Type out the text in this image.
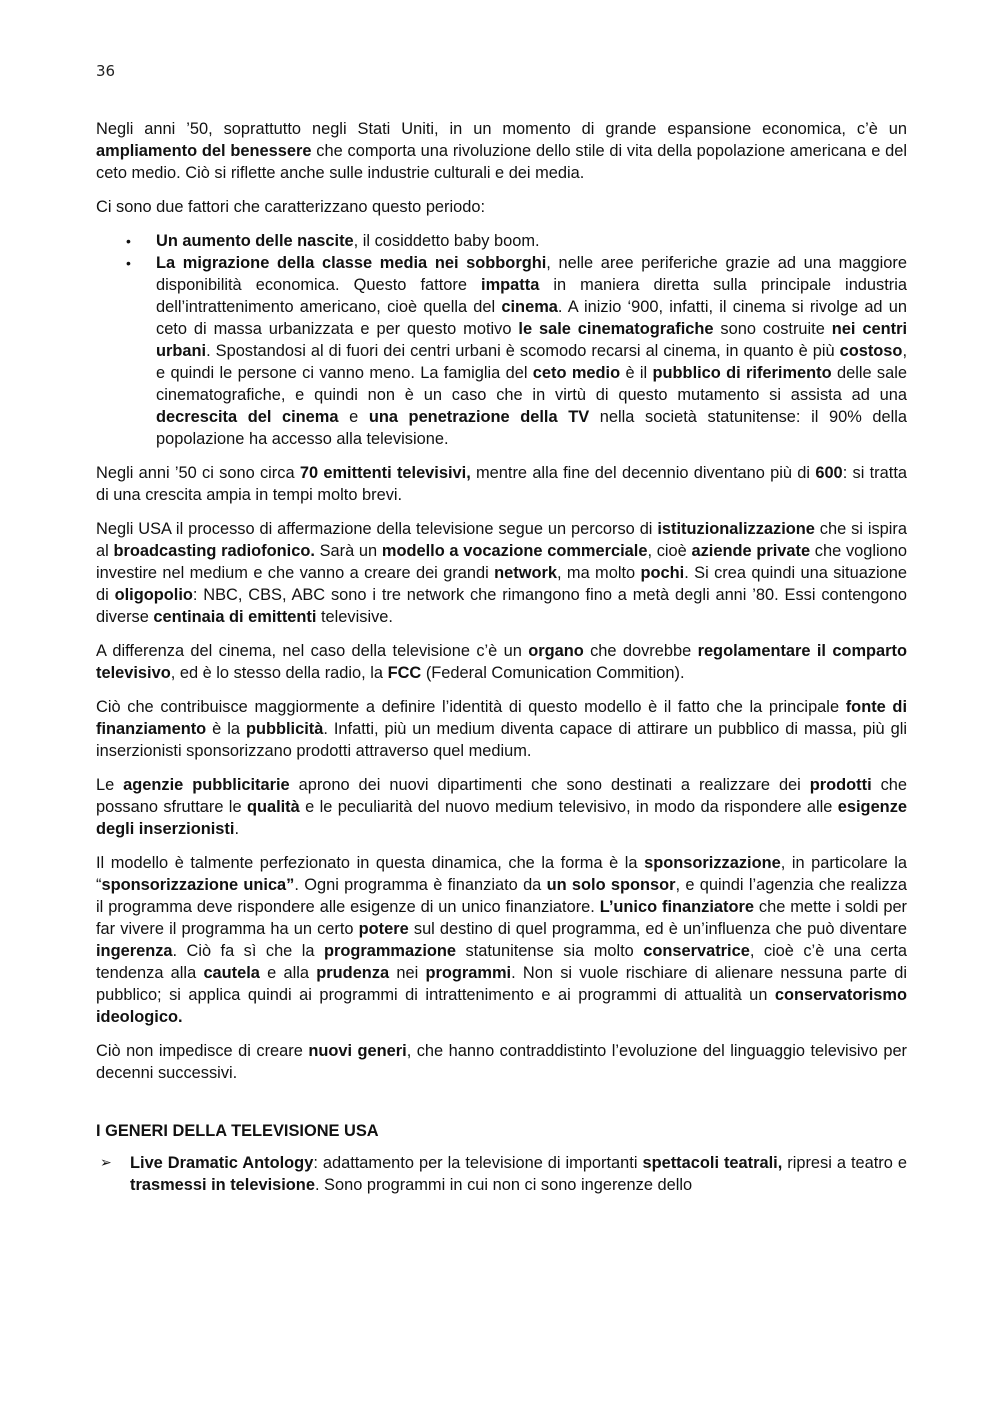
36

Negli anni ’50, soprattutto negli Stati Uniti, in un momento di grande espansione economica, c’è un ampliamento del benessere che comporta una rivoluzione dello stile di vita della popolazione americana e del ceto medio. Ciò si riflette anche sulle industrie culturali e dei media.

Ci sono due fattori che caratterizzano questo periodo:

• Un aumento delle nascite, il cosiddetto baby boom.
• La migrazione della classe media nei sobborghi, nelle aree periferiche grazie ad una maggiore disponibilità economica. Questo fattore impatta in maniera diretta sulla principale industria dell’intrattenimento americano, cioè quella del cinema. A inizio ‘900, infatti, il cinema si rivolge ad un ceto di massa urbanizzata e per questo motivo le sale cinematografiche sono costruite nei centri urbani. Spostandosi al di fuori dei centri urbani è scomodo recarsi al cinema, in quanto è più costoso, e quindi le persone ci vanno meno. La famiglia del ceto medio è il pubblico di riferimento delle sale cinematografiche, e quindi non è un caso che in virtù di questo mutamento si assista ad una decrescita del cinema e una penetrazione della TV nella società statunitense: il 90% della popolazione ha accesso alla televisione.

Negli anni ’50 ci sono circa 70 emittenti televisivi, mentre alla fine del decennio diventano più di 600: si tratta di una crescita ampia in tempi molto brevi.

Negli USA il processo di affermazione della televisione segue un percorso di istituzionalizzazione che si ispira al broadcasting radiofonico. Sarà un modello a vocazione commerciale, cioè aziende private che vogliono investire nel medium e che vanno a creare dei grandi network, ma molto pochi. Si crea quindi una situazione di oligopolio: NBC, CBS, ABC sono i tre network che rimangono fino a metà degli anni ’80. Essi contengono diverse centinaia di emittenti televisive.

A differenza del cinema, nel caso della televisione c’è un organo che dovrebbe regolamentare il comparto televisivo, ed è lo stesso della radio, la FCC (Federal Comunication Commition).

Ciò che contribuisce maggiormente a definire l’identità di questo modello è il fatto che la principale fonte di finanziamento è la pubblicità. Infatti, più un medium diventa capace di attirare un pubblico di massa, più gli inserzionisti sponsorizzano prodotti attraverso quel medium.

Le agenzie pubblicitarie aprono dei nuovi dipartimenti che sono destinati a realizzare dei prodotti che possano sfruttare le qualità e le peculiarità del nuovo medium televisivo, in modo da rispondere alle esigenze degli inserzionisti.

Il modello è talmente perfezionato in questa dinamica, che la forma è la sponsorizzazione, in particolare la “sponsorizzazione unica”. Ogni programma è finanziato da un solo sponsor, e quindi l’agenzia che realizza il programma deve rispondere alle esigenze di un unico finanziatore. L’unico finanziatore che mette i soldi per far vivere il programma ha un certo potere sul destino di quel programma, ed è un’influenza che può diventare ingerenza. Ciò fa sì che la programmazione statunitense sia molto conservatrice, cioè c’è una certa tendenza alla cautela e alla prudenza nei programmi. Non si vuole rischiare di alienare nessuna parte di pubblico; si applica quindi ai programmi di intrattenimento e ai programmi di attualità un conservatorismo ideologico.

Ciò non impedisce di creare nuovi generi, che hanno contraddistinto l’evoluzione del linguaggio televisivo per decenni successivi.

I GENERI DELLA TELEVISIONE USA
➢ Live Dramatic Antology: adattamento per la televisione di importanti spettacoli teatrali, ripresi a teatro e trasmessi in televisione. Sono programmi in cui non ci sono ingerenze dello
